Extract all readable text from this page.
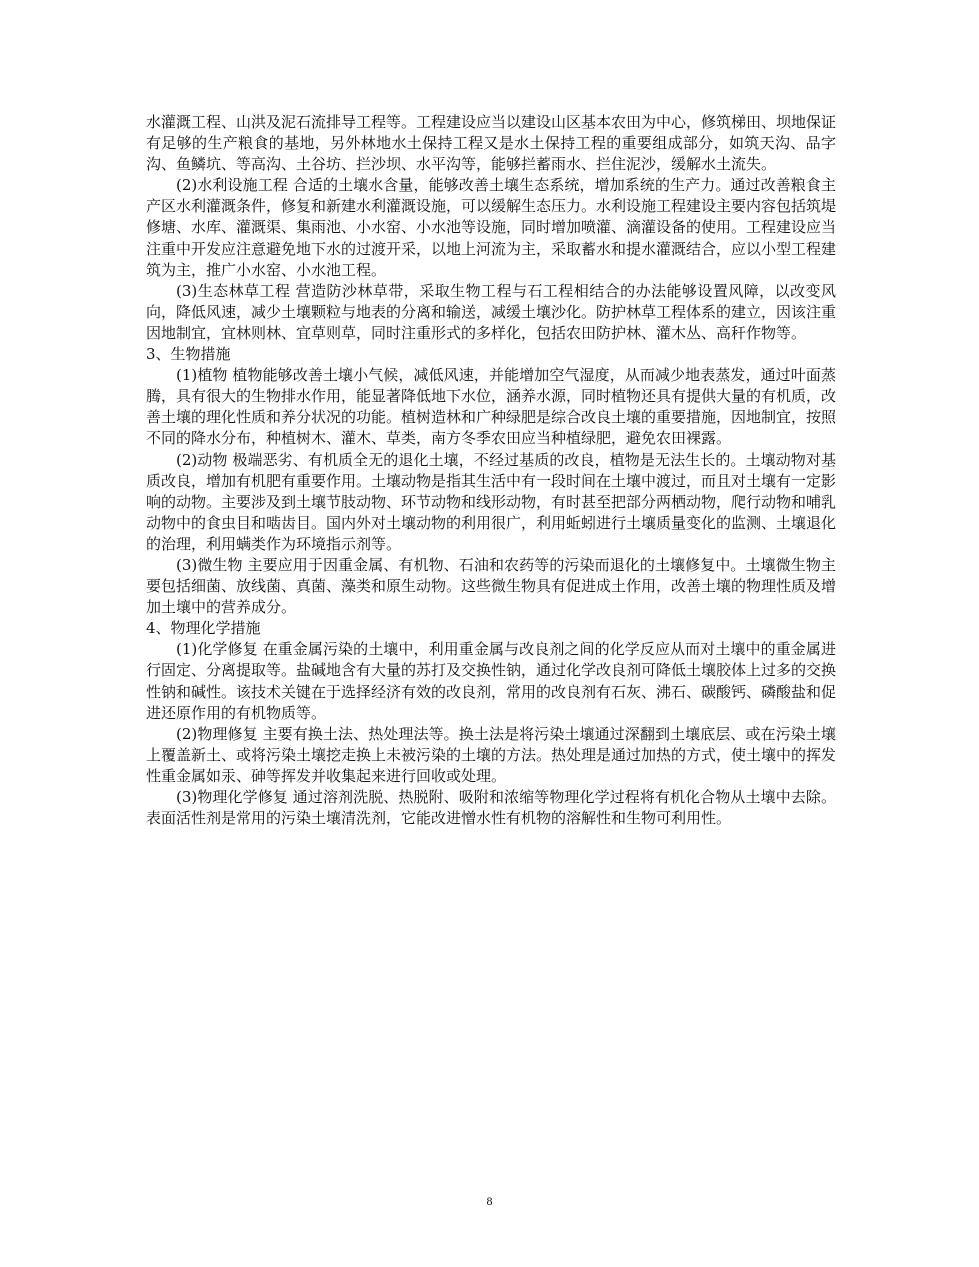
水灌溉工程、山洪及泥石流排导工程等。工程建设应当以建设山区基本农田为中心，修筑梯田、坝地保证有足够的生产粮食的基地，另外林地水土保持工程又是水土保持工程的重要组成部分，如筑天沟、品字沟、鱼鳞坑、等高沟、土谷坊、拦沙坝、水平沟等，能够拦蓄雨水、拦住泥沙，缓解水土流失。

(2)水利设施工程 合适的土壤水含量，能够改善土壤生态系统，增加系统的生产力。通过改善粮食主产区水利灌溉条件，修复和新建水利灌溉设施，可以缓解生态压力。水利设施工程建设主要内容包括筑堤修塘、水库、灌溉渠、集雨池、小水窑、小水池等设施，同时增加喷灌、滴灌设备的使用。工程建设应当注重中开发应注意避免地下水的过渡开采，以地上河流为主，采取蓄水和提水灌溉结合，应以小型工程建筑为主，推广小水窑、小水池工程。

(3)生态林草工程 营造防沙林草带，采取生物工程与石工程相结合的办法能够设置风障，以改变风向，降低风速，减少土壤颗粒与地表的分离和输送，减缓土壤沙化。防护林草工程体系的建立，因该注重因地制宜，宜林则林、宜草则草，同时注重形式的多样化，包括农田防护林、灌木丛、高秆作物等。

3、生物措施

(1)植物 植物能够改善土壤小气候，减低风速，并能增加空气湿度，从而减少地表蒸发，通过叶面蒸腾，具有很大的生物排水作用，能显著降低地下水位，涵养水源，同时植物还具有提供大量的有机质，改善土壤的理化性质和养分状况的功能。植树造林和广种绿肥是综合改良土壤的重要措施，因地制宜，按照不同的降水分布，种植树木、灌木、草类，南方冬季农田应当种植绿肥，避免农田裸露。

(2)动物 极端恶劣、有机质全无的退化土壤，不经过基质的改良，植物是无法生长的。土壤动物对基质改良，增加有机肥有重要作用。土壤动物是指其生活中有一段时间在土壤中渡过，而且对土壤有一定影响的动物。主要涉及到土壤节肢动物、环节动物和线形动物，有时甚至把部分两栖动物，爬行动物和哺乳动物中的食虫目和啮齿目。国内外对土壤动物的利用很广，利用蚯蚓进行土壤质量变化的监测、土壤退化的治理，利用螨类作为环境指示剂等。

(3)微生物 主要应用于因重金属、有机物、石油和农药等的污染而退化的土壤修复中。土壤微生物主要包括细菌、放线菌、真菌、藻类和原生动物。这些微生物具有促进成土作用，改善土壤的物理性质及增加土壤中的营养成分。

4、物理化学措施

(1)化学修复 在重金属污染的土壤中，利用重金属与改良剂之间的化学反应从而对土壤中的重金属进行固定、分离提取等。盐碱地含有大量的苏打及交换性钠，通过化学改良剂可降低土壤胶体上过多的交换性钠和碱性。该技术关键在于选择经济有效的改良剂，常用的改良剂有石灰、沸石、碳酸钙、磷酸盐和促进还原作用的有机物质等。

(2)物理修复 主要有换土法、热处理法等。换土法是将污染土壤通过深翻到土壤底层、或在污染土壤上覆盖新土、或将污染土壤挖走换上未被污染的土壤的方法。热处理是通过加热的方式，使土壤中的挥发性重金属如汞、砷等挥发并收集起来进行回收或处理。

(3)物理化学修复 通过溶剂洗脱、热脱附、吸附和浓缩等物理化学过程将有机化合物从土壤中去除。表面活性剂是常用的污染土壤清洗剂，它能改进憎水性有机物的溶解性和生物可利用性。

8
